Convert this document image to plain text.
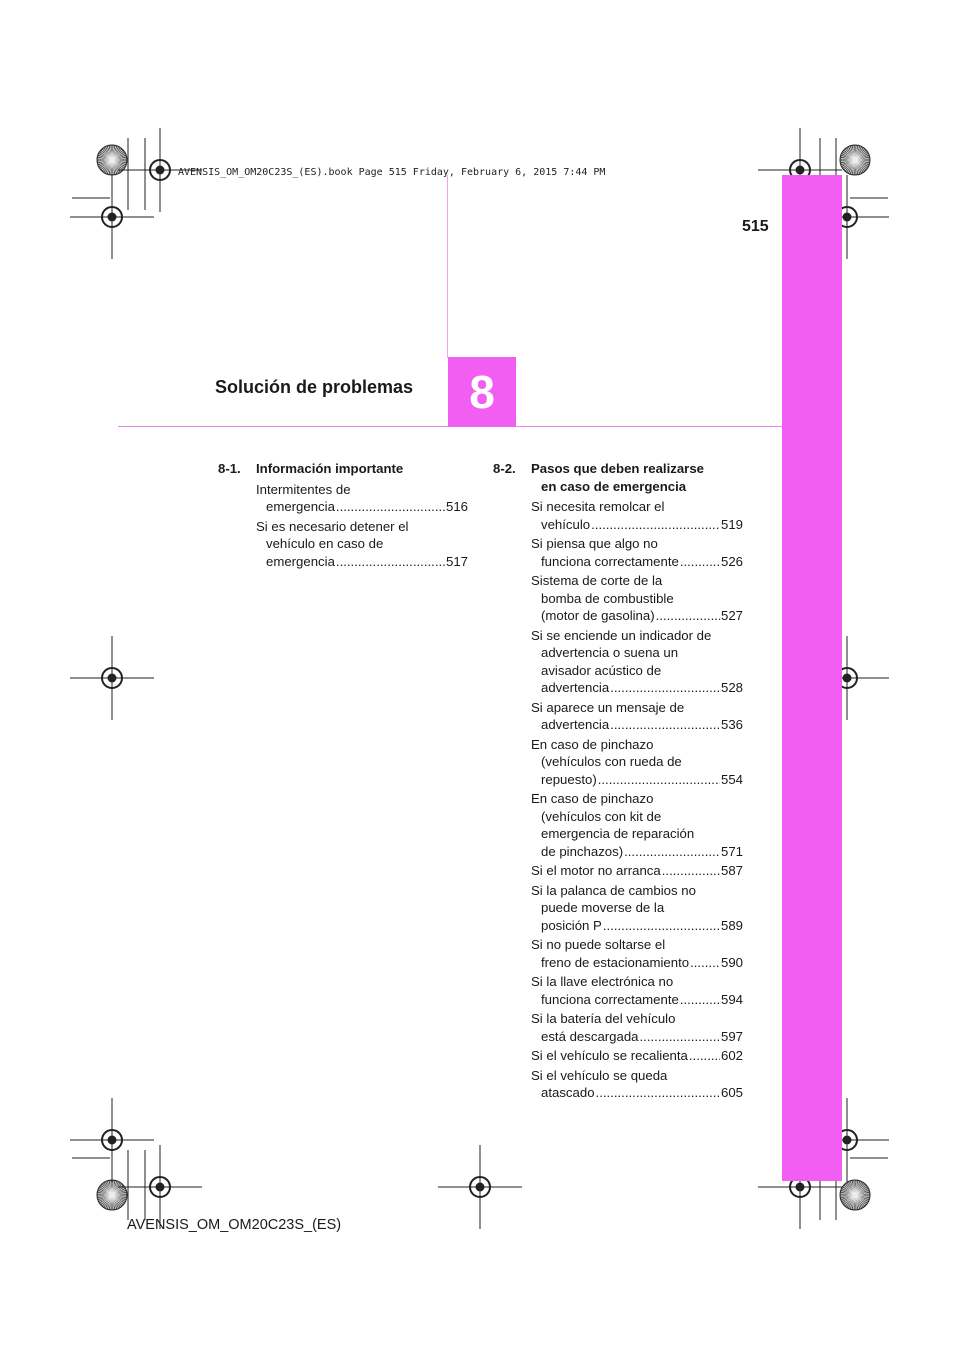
AVENSIS_OM_OM20C23S_(ES).book Page 515 Friday, February 6, 2015 7:44 PM
515
Solución de problemas	8
8-1.	Información importante
Intermitentes de
emergencia .....	516
Si es necesario detener el
vehículo en caso de
emergencia .....	517
8-2.	Pasos que deben realizarse
en caso de emergencia
Si necesita remolcar el
vehículo .....	519
Si piensa que algo no
funciona correctamente .....	526
Sistema de corte de la
bomba de combustible
(motor de gasolina) .....	527
Si se enciende un indicador de
advertencia o suena un
avisador acústico de
advertencia .....	528
Si aparece un mensaje de
advertencia .....	536
En caso de pinchazo
(vehículos con rueda de
repuesto) .....	554
En caso de pinchazo
(vehículos con kit de
emergencia de reparación
de pinchazos) .....	571
Si el motor no arranca .....	587
Si la palanca de cambios no
puede moverse de la
posición P .....	589
Si no puede soltarse el
freno de estacionamiento ..... 590
Si la llave electrónica no
funciona correctamente .....	594
Si la batería del vehículo
está descargada .....	597
Si el vehículo se recalienta .....	602
Si el vehículo se queda
atascado .....	605
AVENSIS_OM_OM20C23S_(ES)
